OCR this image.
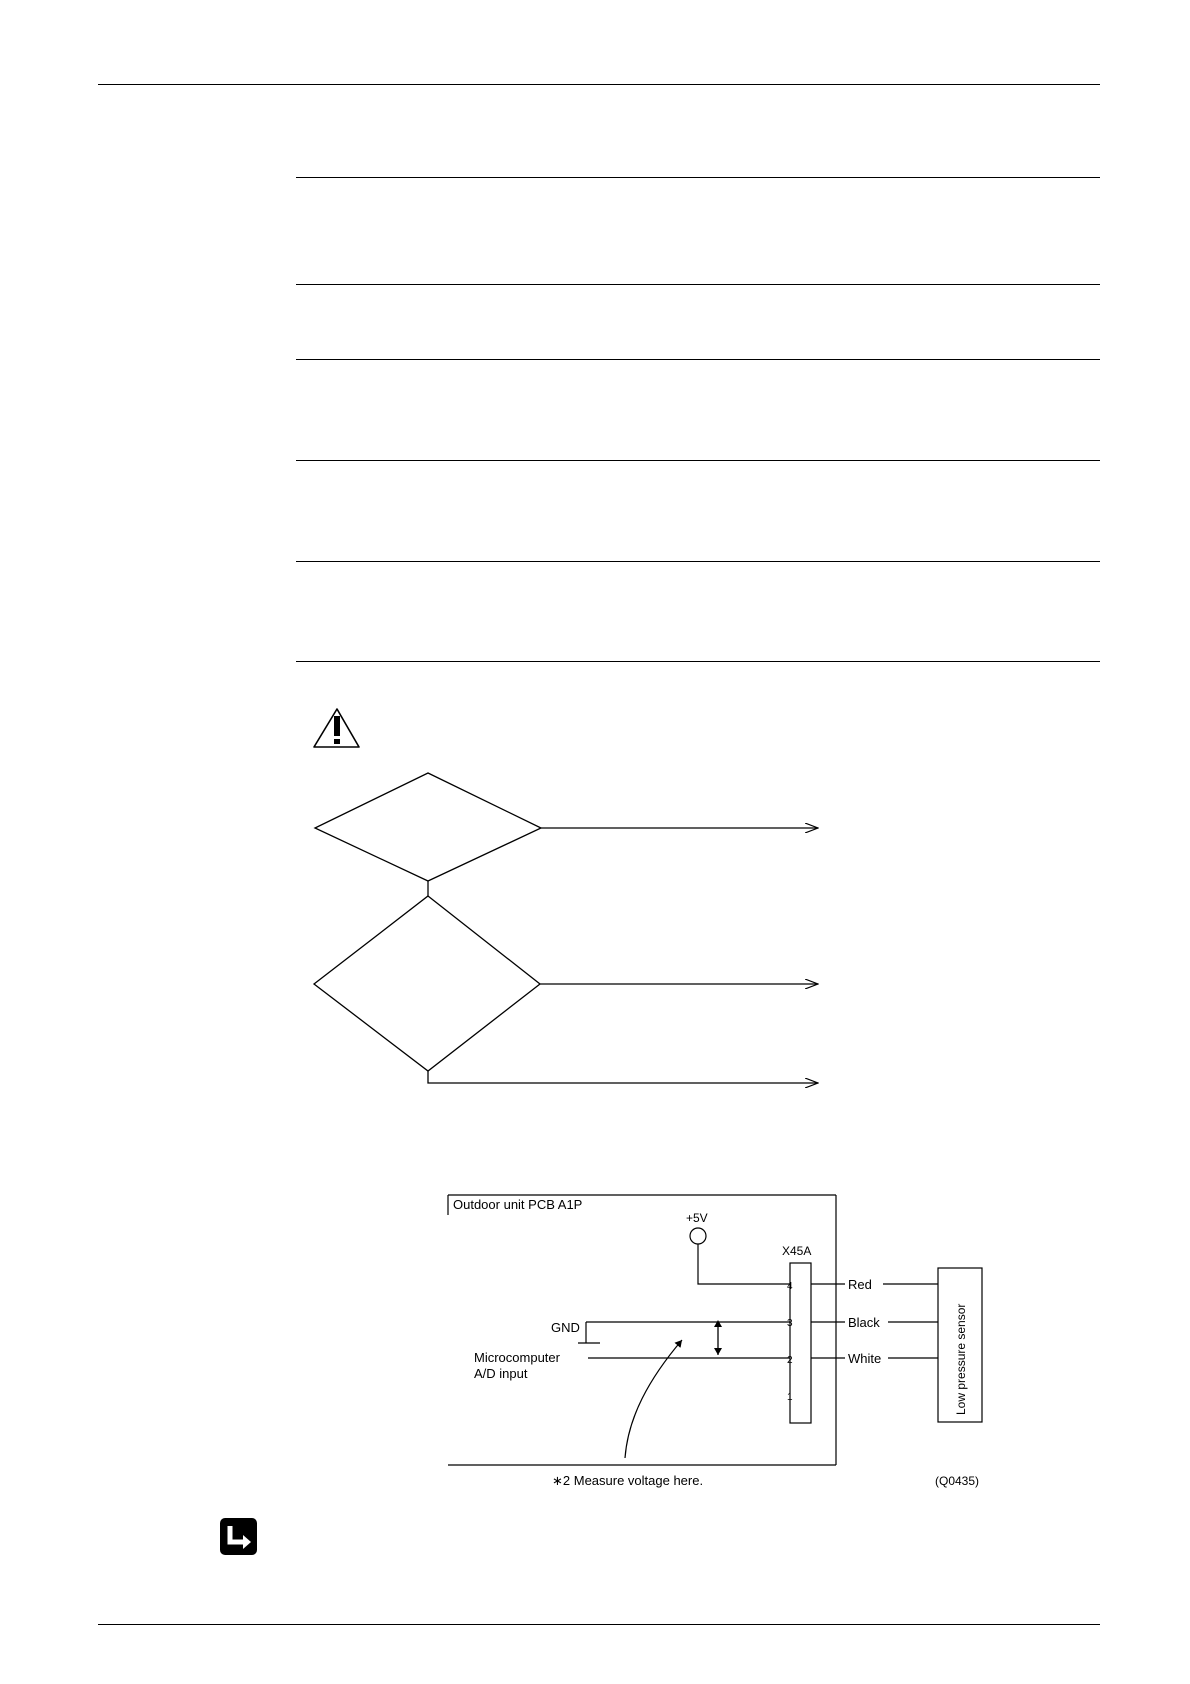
Outdoor unit PCB A1P
+5V
X45A
4
3
2
1
GND
Microcomputer
A/D input
∗2 Measure voltage here.
Red
Black
White	Low pressure sensor
(Q0435)
